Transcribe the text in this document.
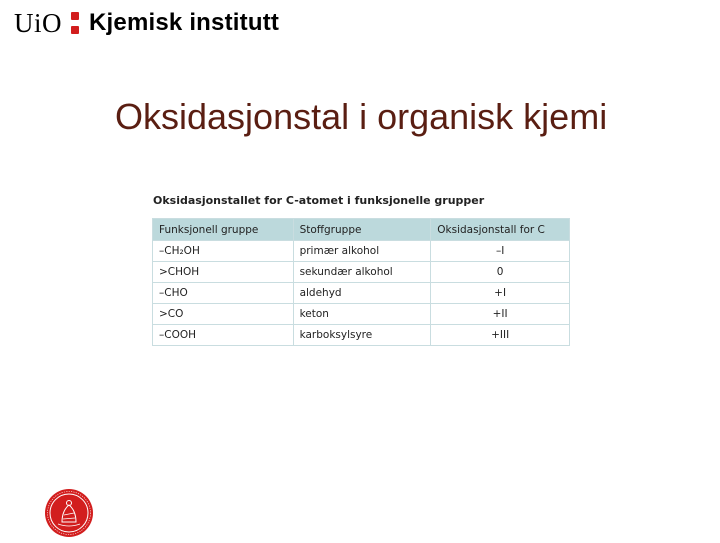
UiO Kjemisk institutt
Oksidasjonstal i organisk kjemi
Oksidasjonstallet for C-atomet i funksjonelle grupper
Funksjonell gruppe	Stoffgruppe	Oksidasjonstall for C
–CH₂OH	primær alkohol	–I
>CHOH	sekundær alkohol	0
–CHO	aldehyd	+I
>CO	keton	+II
–COOH	karboksylsyre	+III
